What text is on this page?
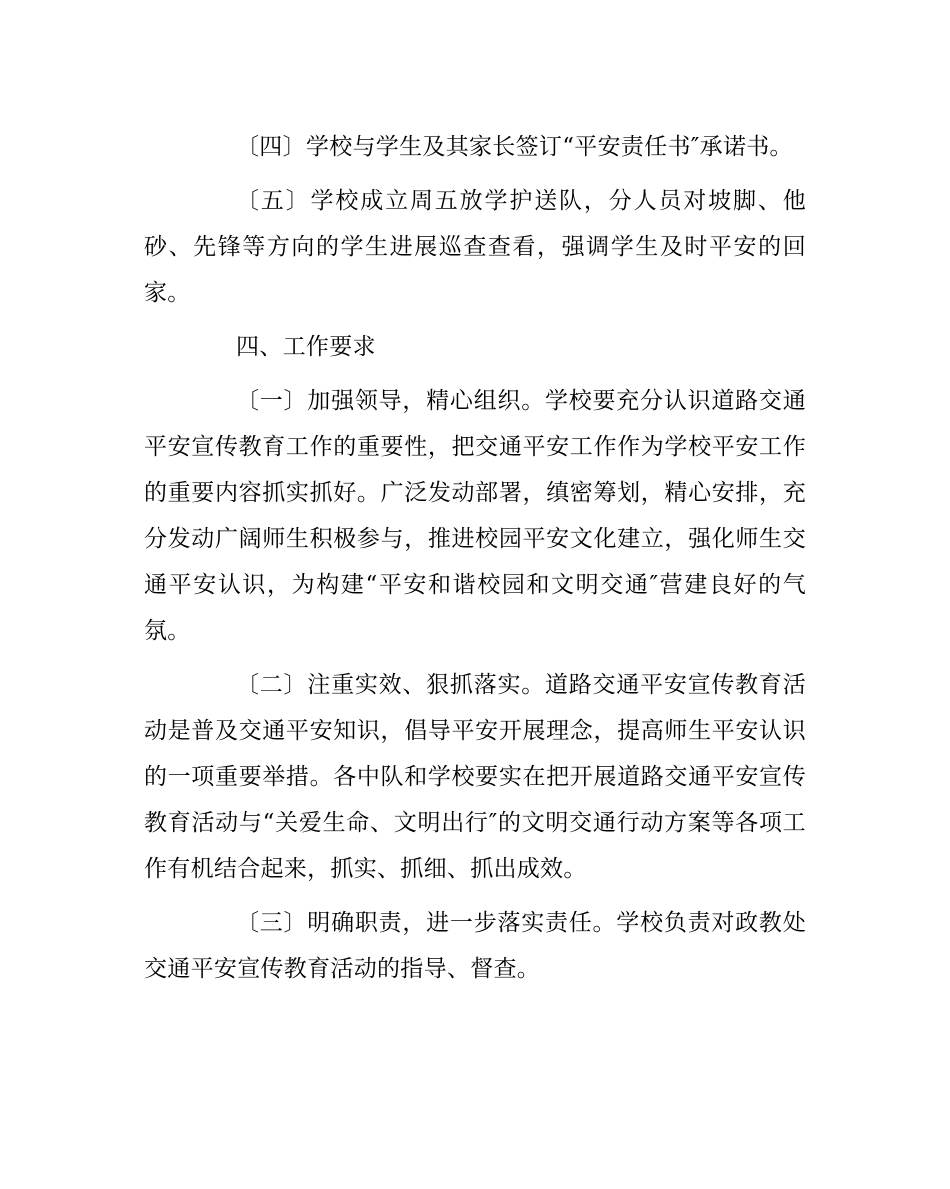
〔四〕学校与学生及其家长签订“平安责任书″承诺书。

〔五〕学校成立周五放学护送队，分人员对坡脚、他砂、先锋等方向的学生进展巡查查看，强调学生及时平安的回家。

四、工作要求

〔一〕加强领导，精心组织。学校要充分认识道路交通平安宣传教育工作的重要性，把交通平安工作作为学校平安工作的重要内容抓实抓好。广泛发动部署，缜密筹划，精心安排，充分发动广阔师生积极参与，推进校园平安文化建立，强化师生交通平安认识，为构建“平安和谐校园和文明交通″营建良好的气氛。

〔二〕注重实效、狠抓落实。道路交通平安宣传教育活动是普及交通平安知识，倡导平安开展理念，提高师生平安认识的一项重要举措。各中队和学校要实在把开展道路交通平安宣传教育活动与“关爱生命、文明出行″的文明交通行动方案等各项工作有机结合起来，抓实、抓细、抓出成效。

〔三〕明确职责，进一步落实责任。学校负责对政教处交通平安宣传教育活动的指导、督查。
